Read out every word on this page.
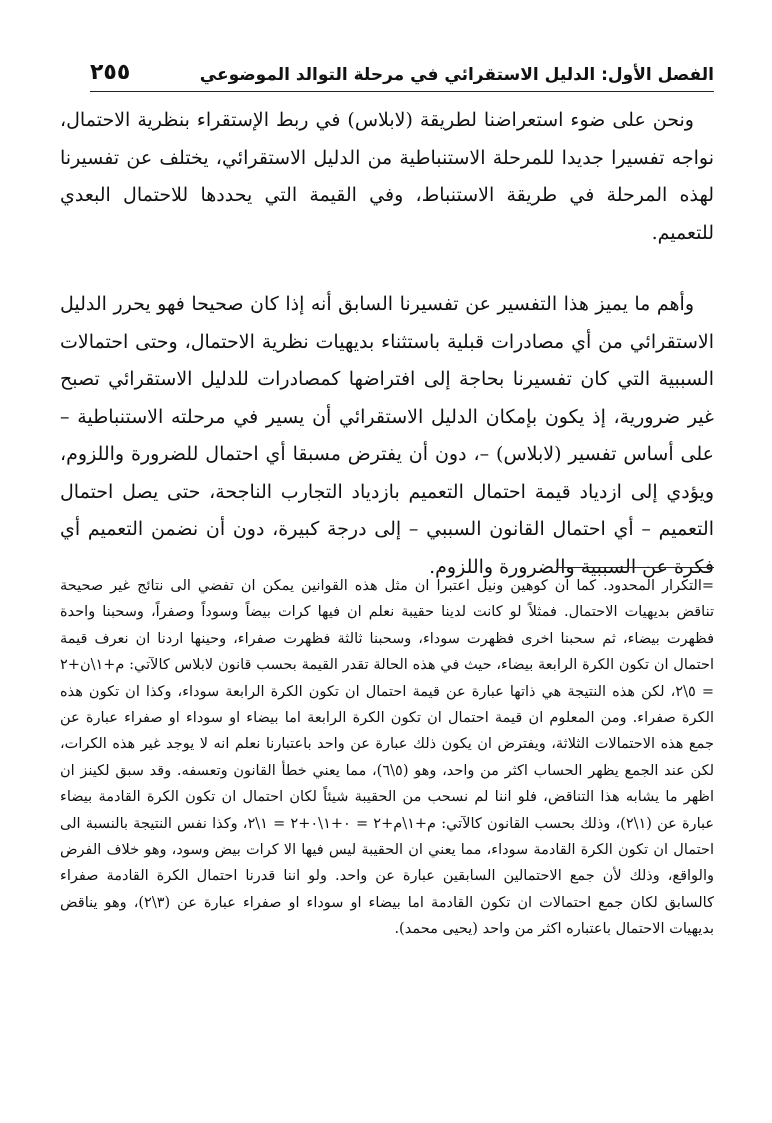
الفصل الأول: الدليل الاستقرائي في مرحلة التوالد الموضوعي
٢٥٥

ونحن على ضوء استعراضنا لطريقة (لابلاس) في ربط الإستقراء بنظرية الاحتمال، نواجه تفسيرا جديدا للمرحلة الاستنباطية من الدليل الاستقرائي، يختلف عن تفسيرنا لهذه المرحلة في طريقة الاستنباط، وفي القيمة التي يحددها للاحتمال البعدي للتعميم.

وأهم ما يميز هذا التفسير عن تفسيرنا السابق أنه إذا كان صحيحا فهو يحرر الدليل الاستقرائي من أي مصادرات قبلية باستثناء بديهيات نظرية الاحتمال، وحتى احتمالات السببية التي كان تفسيرنا بحاجة إلى افتراضها كمصادرات للدليل الاستقرائي تصبح غير ضرورية، إذ يكون بإمكان الدليل الاستقرائي أن يسير في مرحلته الاستنباطية – على أساس تفسير (لابلاس) –، دون أن يفترض مسبقا أي احتمال للضرورة واللزوم، ويؤدي إلى ازدياد قيمة احتمال التعميم بازدياد التجارب الناجحة، حتى يصل احتمال التعميم – أي احتمال القانون السببي – إلى درجة كبيرة، دون أن نضمن التعميم أي فكرة عن السببية والضرورة واللزوم.

=التكرار المحدود. كما ان كوهين ونيل اعتبرا ان مثل هذه القوانين يمكن ان تفضي الى نتائج غير صحيحة تناقض بديهيات الاحتمال. فمثلاً لو كانت لدينا حقيبة نعلم ان فيها كرات بيضاً وسوداً وصفراً، وسحبنا واحدة فظهرت بيضاء، ثم سحبنا اخرى فظهرت سوداء، وسحبنا ثالثة فظهرت صفراء، وحينها اردنا ان نعرف قيمة احتمال ان تكون الكرة الرابعة بيضاء، حيث في هذه الحالة تقدر القيمة بحسب قانون لابلاس كالآتي: م+١\ن+٢ = ٥\٢، لكن هذه النتيجة هي ذاتها عبارة عن قيمة احتمال ان تكون الكرة الرابعة سوداء، وكذا ان تكون هذه الكرة صفراء. ومن المعلوم ان قيمة احتمال ان تكون الكرة الرابعة اما بيضاء او سوداء او صفراء عبارة عن جمع هذه الاحتمالات الثلاثة، ويفترض ان يكون ذلك عبارة عن واحد باعتبارنا نعلم انه لا يوجد غير هذه الكرات، لكن عند الجمع يظهر الحساب اكثر من واحد، وهو (٥\٦)، مما يعني خطأ القانون وتعسفه. وقد سبق لكينز ان اظهر ما يشابه هذا التناقض، فلو اننا لم نسحب من الحقيبة شيئاً لكان احتمال ان تكون الكرة القادمة بيضاء عبارة عن (١\٢)، وذلك بحسب القانون كالآتي: م+١\م+٢ = ٠+١\٠+٢ = ١\٢، وكذا نفس النتيجة بالنسبة الى احتمال ان تكون الكرة القادمة سوداء، مما يعني ان الحقيبة ليس فيها الا كرات بيض وسود، وهو خلاف الفرض والواقع، وذلك لأن جمع الاحتمالين السابقين عبارة عن واحد. ولو اننا قدرنا احتمال الكرة القادمة صفراء كالسابق لكان جمع احتمالات ان تكون القادمة اما بيضاء او سوداء او صفراء عبارة عن (٣\٢)، وهو يناقض بديهيات الاحتمال باعتباره اكثر من واحد (يحيى محمد).
